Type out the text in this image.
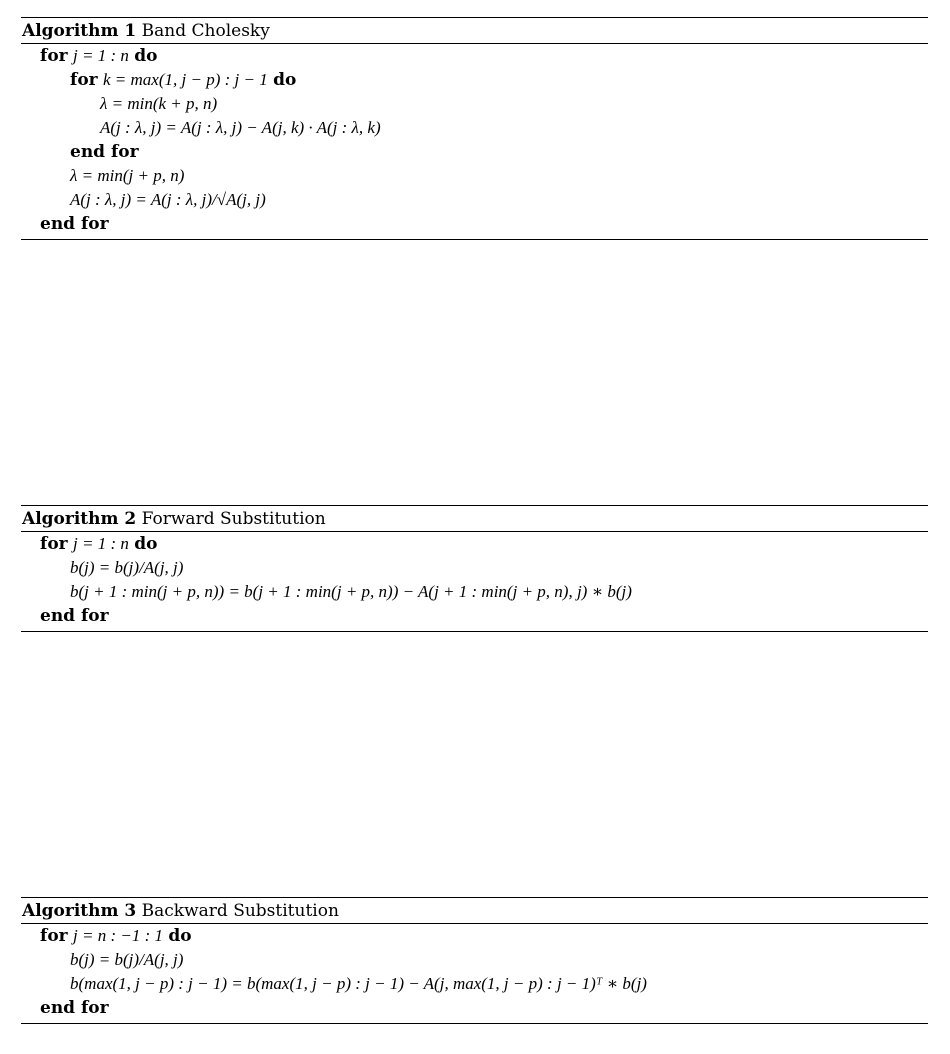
Algorithm 1 Band Cholesky
for j = 1 : n do
for k = max(1, j − p) : j − 1 do
λ = min(k + p, n)
A(j : λ, j) = A(j : λ, j) − A(j, k) · A(j : λ, k)
end for
λ = min(j + p, n)
A(j : λ, j) = A(j : λ, j)/√A(j, j)
end for
Algorithm 2 Forward Substitution
for j = 1 : n do
b(j) = b(j)/A(j, j)
b(j + 1 : min(j + p, n)) = b(j + 1 : min(j + p, n)) − A(j + 1 : min(j + p, n), j) ∗ b(j)
end for
Algorithm 3 Backward Substitution
for j = n : −1 : 1 do
b(j) = b(j)/A(j, j)
b(max(1, j − p) : j − 1) = b(max(1, j − p) : j − 1) − A(j, max(1, j − p) : j − 1)ᵀ ∗ b(j)
end for
